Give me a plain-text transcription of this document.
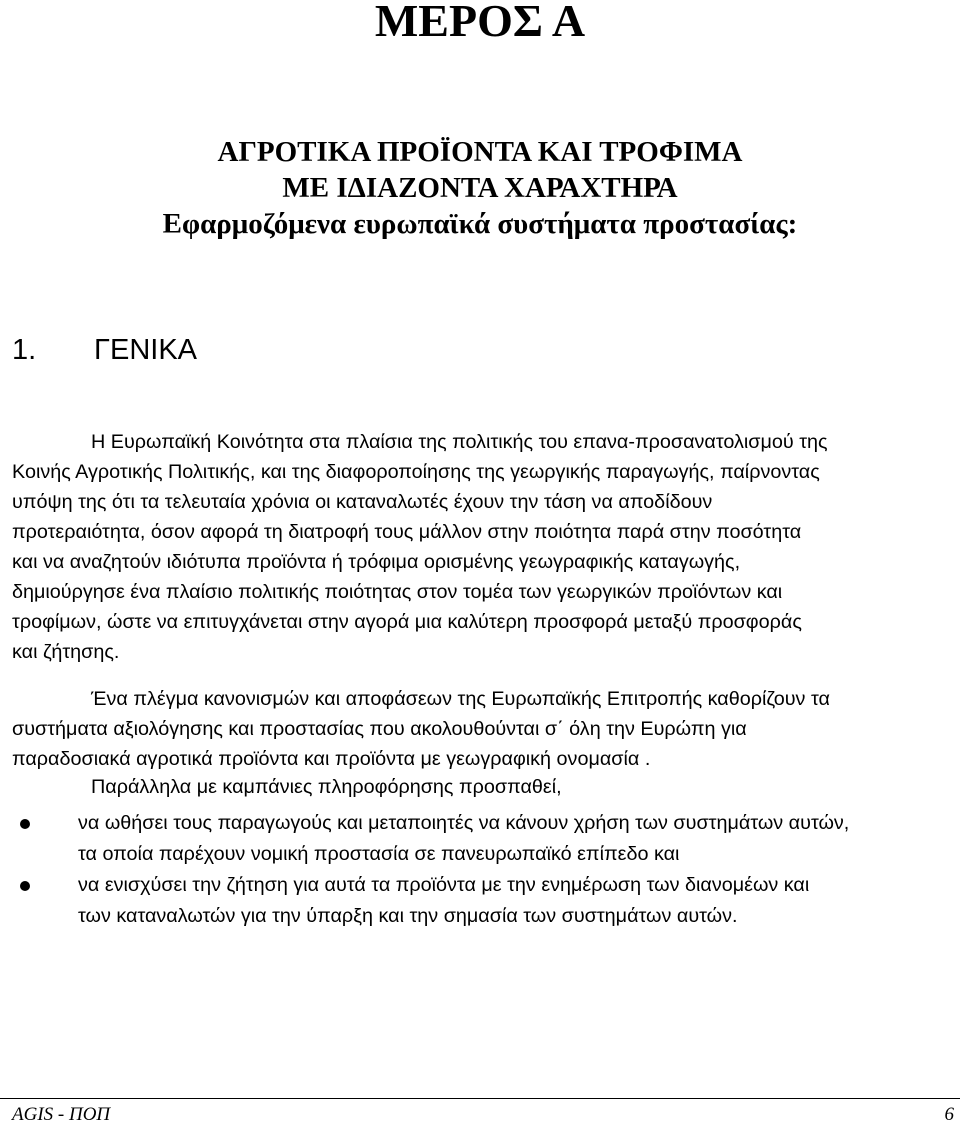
ΜΕΡΟΣ Α
ΑΓΡΟΤΙΚΑ ΠΡΟΪΟΝΤΑ ΚΑΙ ΤΡΟΦΙΜΑ
ΜΕ ΙΔΙΑΖΟΝΤΑ ΧΑΡΑΧΤΗΡΑ
Εφαρμοζόμενα ευρωπαϊκά συστήματα προστασίας:
1. ΓΕΝΙΚΑ
Η Ευρωπαϊκή Κοινότητα στα πλαίσια της πολιτικής του επανα-προσανατολισμού της
Κοινής Αγροτικής Πολιτικής, και της διαφοροποίησης της γεωργικής παραγωγής, παίρνοντας
υπόψη της ότι τα τελευταία χρόνια οι καταναλωτές έχουν την τάση να αποδίδουν
προτεραιότητα, όσον αφορά τη διατροφή τους μάλλον στην ποιότητα παρά στην ποσότητα
και να αναζητούν ιδιότυπα προϊόντα ή τρόφιμα ορισμένης γεωγραφικής καταγωγής,
δημιούργησε ένα πλαίσιο πολιτικής ποιότητας στον τομέα των γεωργικών προϊόντων και
τροφίμων, ώστε να επιτυγχάνεται στην αγορά μια καλύτερη προσφορά μεταξύ προσφοράς
και ζήτησης.
Ένα πλέγμα κανονισμών και αποφάσεων της Ευρωπαϊκής Επιτροπής καθορίζουν τα
συστήματα αξιολόγησης και προστασίας που ακολουθούνται σ΄ όλη την Ευρώπη για
παραδοσιακά αγροτικά προϊόντα και προϊόντα με γεωγραφική ονομασία .
Παράλληλα με καμπάνιες πληροφόρησης προσπαθεί,
να ωθήσει τους παραγωγούς και μεταποιητές να κάνουν χρήση των συστημάτων αυτών,
τα οποία παρέχουν νομική προστασία σε πανευρωπαϊκό επίπεδο και
να ενισχύσει την ζήτηση για αυτά τα προϊόντα με την ενημέρωση των διανομέων και
των καταναλωτών για την ύπαρξη και την σημασία των συστημάτων αυτών.
AGIS - ΠΟΠ	6
